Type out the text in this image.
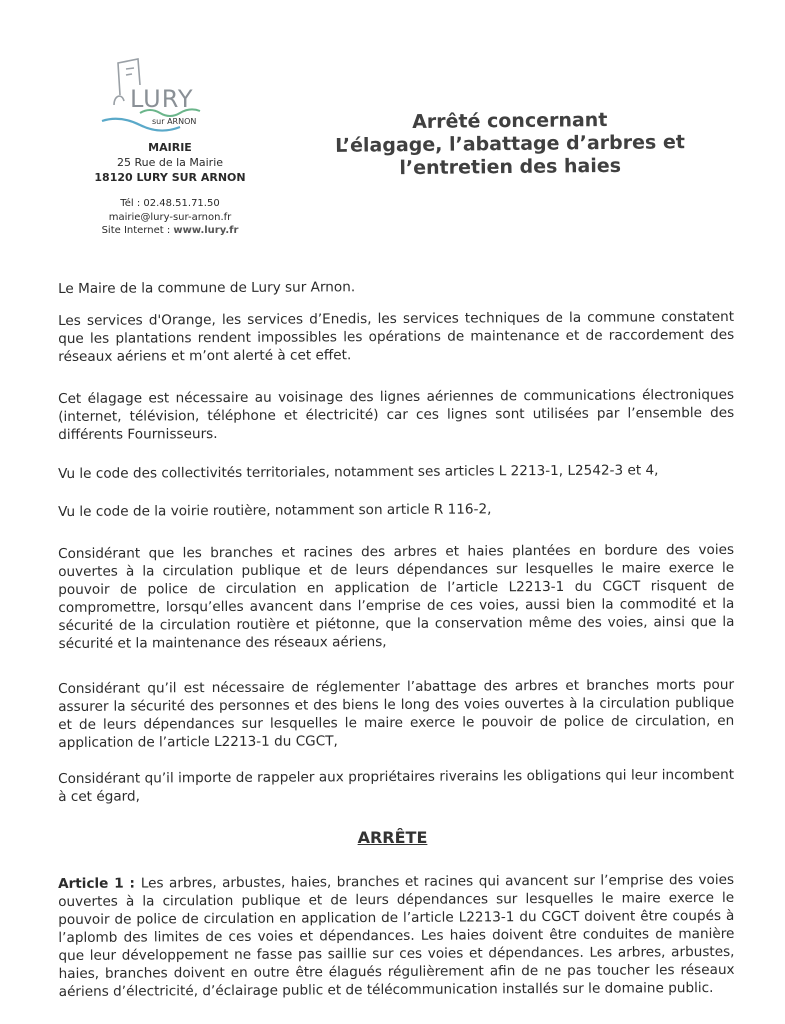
LURY
sur ARNON
MAIRIE
25 Rue de la Mairie
18120 LURY SUR ARNON
Tél : 02.48.51.71.50
mairie@lury-sur-arnon.fr
Site Internet : www.lury.fr
Arrêté concernant
L’élagage, l’abattage d’arbres et
l’entretien des haies

Le Maire de la commune de Lury sur Arnon.

Les services d'Orange, les services d’Enedis, les services techniques de la commune constatent que les plantations rendent impossibles les opérations de maintenance et de raccordement des réseaux aériens et m’ont alerté à cet effet.

Cet élagage est nécessaire au voisinage des lignes aériennes de communications électroniques (internet, télévision, téléphone et électricité) car ces lignes sont utilisées par l’ensemble des différents Fournisseurs.

Vu le code des collectivités territoriales, notamment ses articles L 2213-1, L2542-3 et 4,

Vu le code de la voirie routière, notamment son article R 116-2,

Considérant que les branches et racines des arbres et haies plantées en bordure des voies ouvertes à la circulation publique et de leurs dépendances sur lesquelles le maire exerce le pouvoir de police de circulation en application de l’article L2213-1 du CGCT risquent de compromettre, lorsqu’elles avancent dans l’emprise de ces voies, aussi bien la commodité et la sécurité de la circulation routière et piétonne, que la conservation même des voies, ainsi que la sécurité et la maintenance des réseaux aériens,

Considérant qu’il est nécessaire de réglementer l’abattage des arbres et branches morts pour assurer la sécurité des personnes et des biens le long des voies ouvertes à la circulation publique et de leurs dépendances sur lesquelles le maire exerce le pouvoir de police de circulation, en application de l’article L2213-1 du CGCT,

Considérant qu’il importe de rappeler aux propriétaires riverains les obligations qui leur incombent à cet égard,

ARRÊTE

Article 1 : Les arbres, arbustes, haies, branches et racines qui avancent sur l’emprise des voies ouvertes à la circulation publique et de leurs dépendances sur lesquelles le maire exerce le pouvoir de police de circulation en application de l’article L2213-1 du CGCT doivent être coupés à l’aplomb des limites de ces voies et dépendances. Les haies doivent être conduites de manière que leur développement ne fasse pas saillie sur ces voies et dépendances. Les arbres, arbustes, haies, branches doivent en outre être élagués régulièrement afin de ne pas toucher les réseaux aériens d’électricité, d’éclairage public et de télécommunication installés sur le domaine public.
